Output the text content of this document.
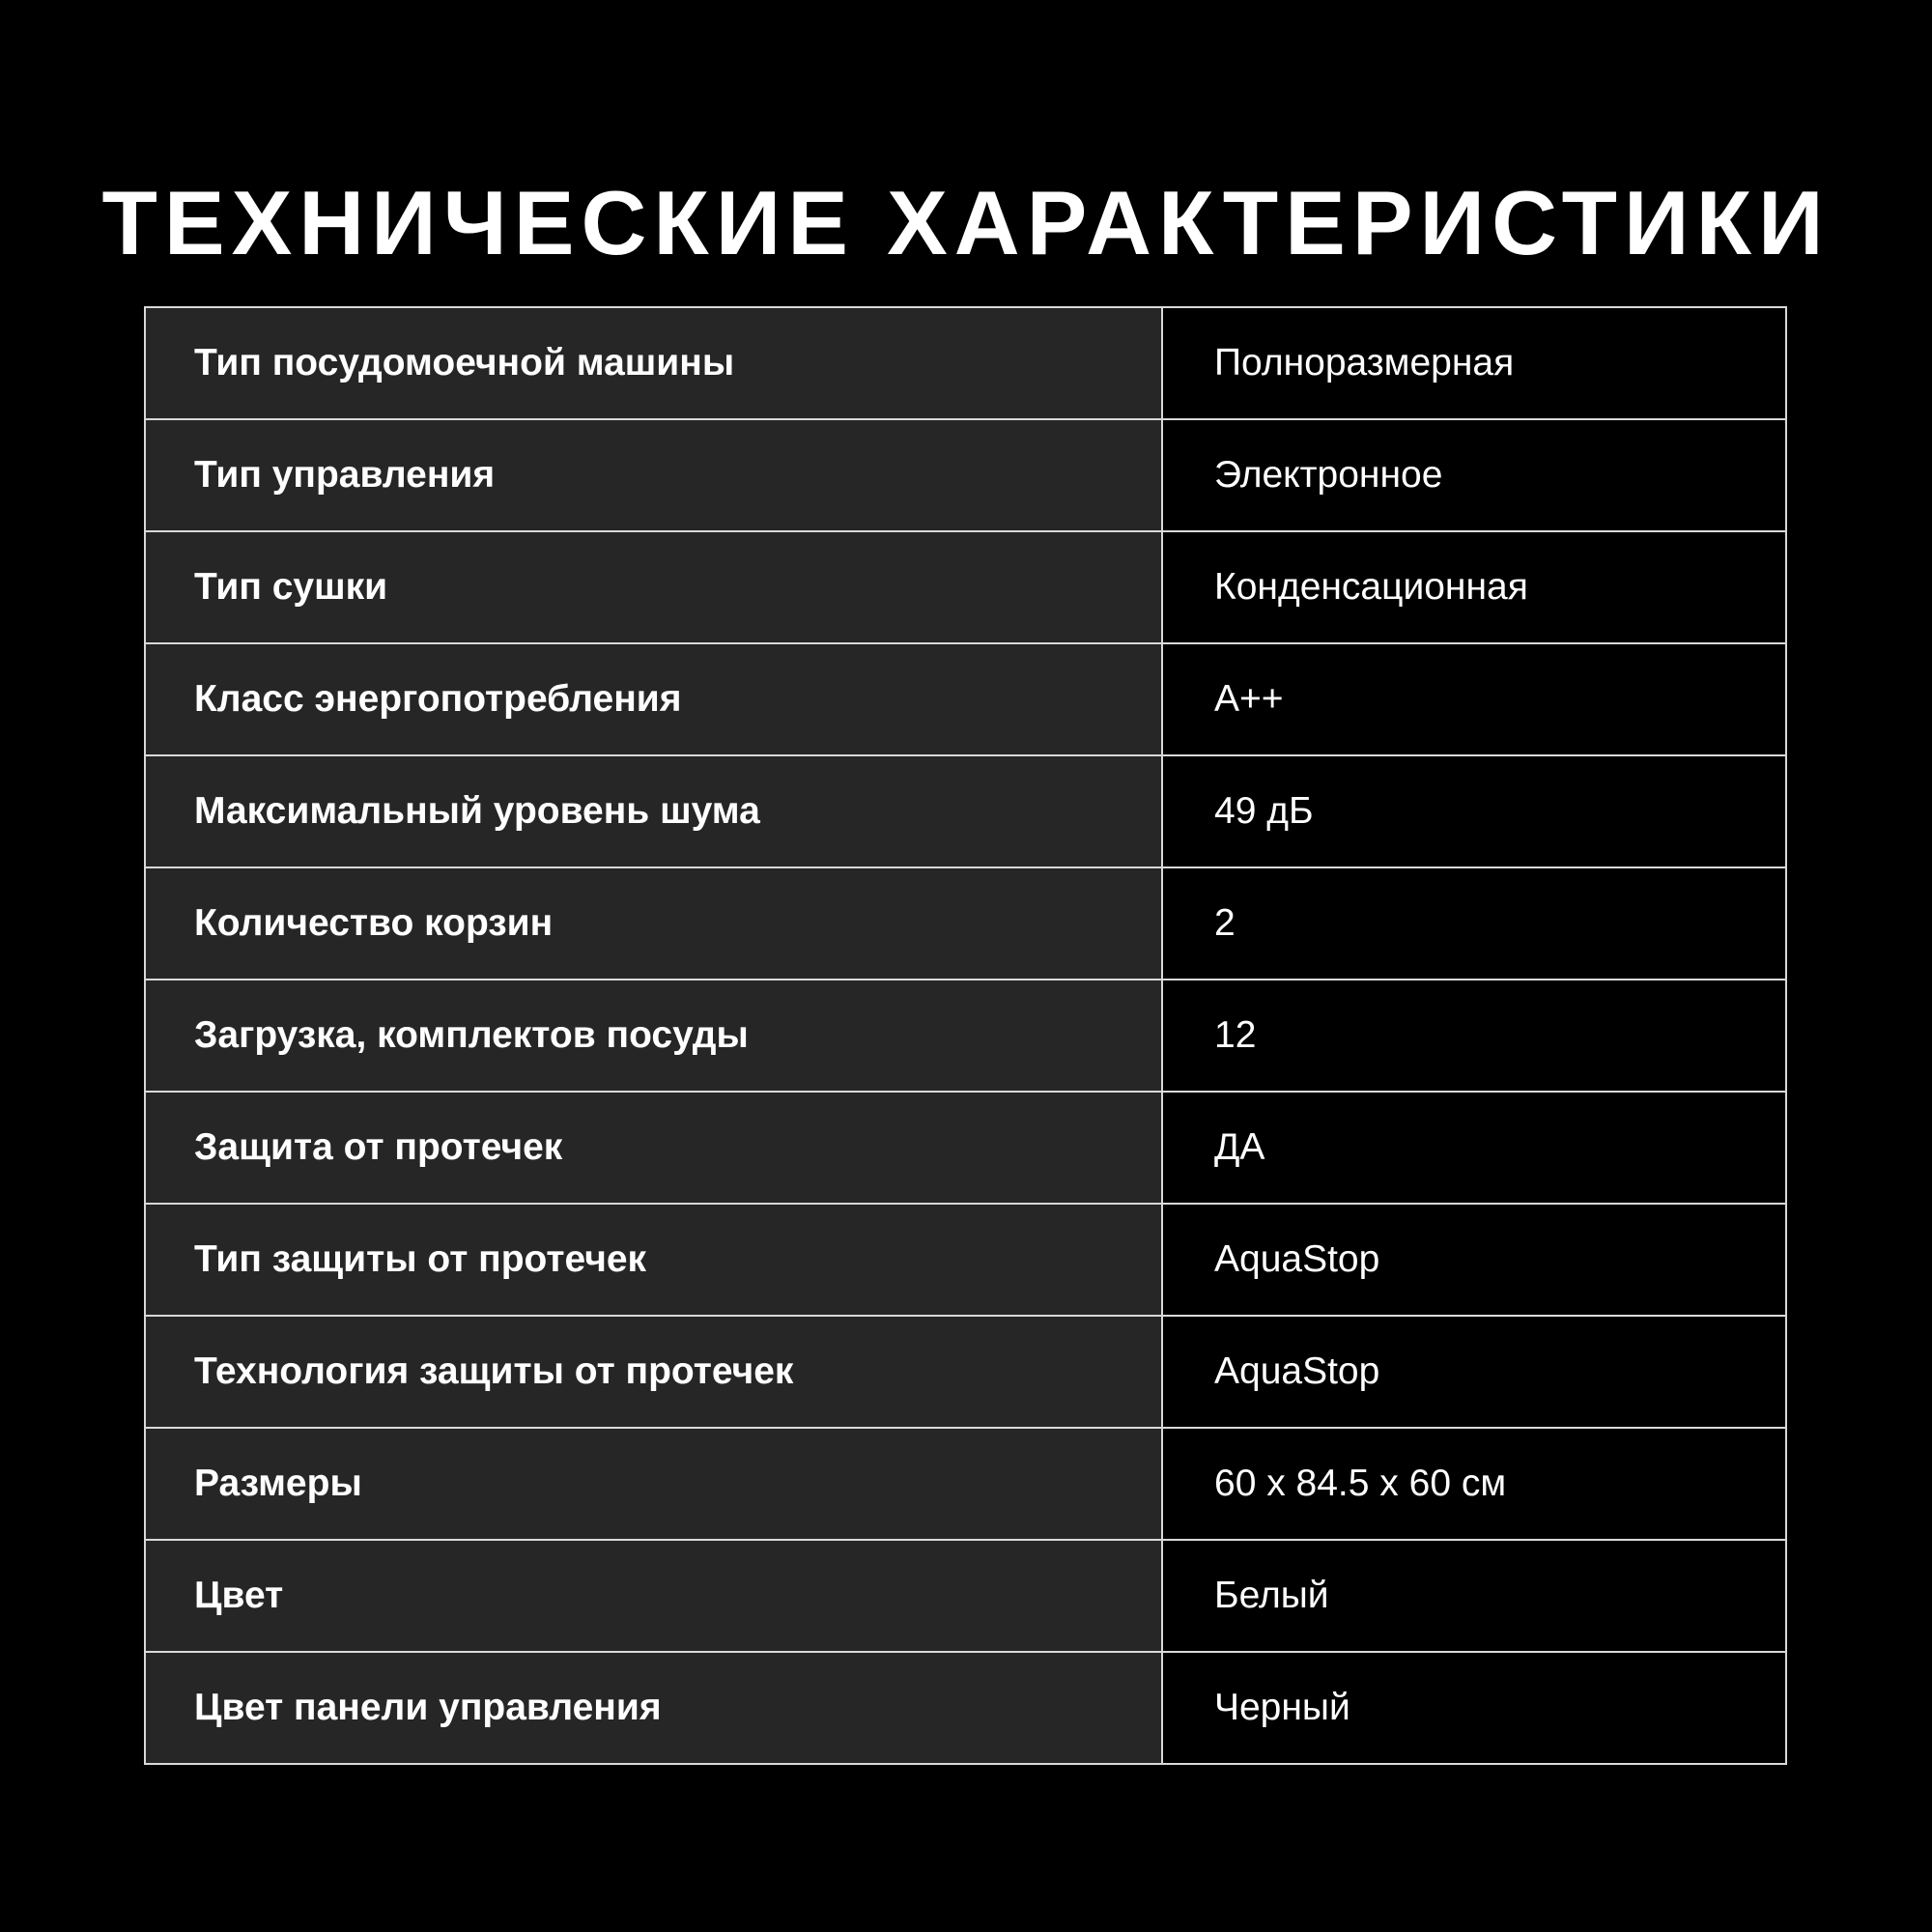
ТЕХНИЧЕСКИЕ ХАРАКТЕРИСТИКИ
Тип посудомоечной машины	Полноразмерная
Тип управления	Электронное
Тип сушки	Конденсационная
Класс энергопотребления	A++
Максимальный уровень шума	49 дБ
Количество корзин	2
Загрузка, комплектов посуды	12
Защита от протечек	ДА
Тип защиты от протечек	AquaStop
Технология защиты от протечек	AquaStop
Размеры	60 x 84.5 x 60 см
Цвет	Белый
Цвет панели управления	Черный
